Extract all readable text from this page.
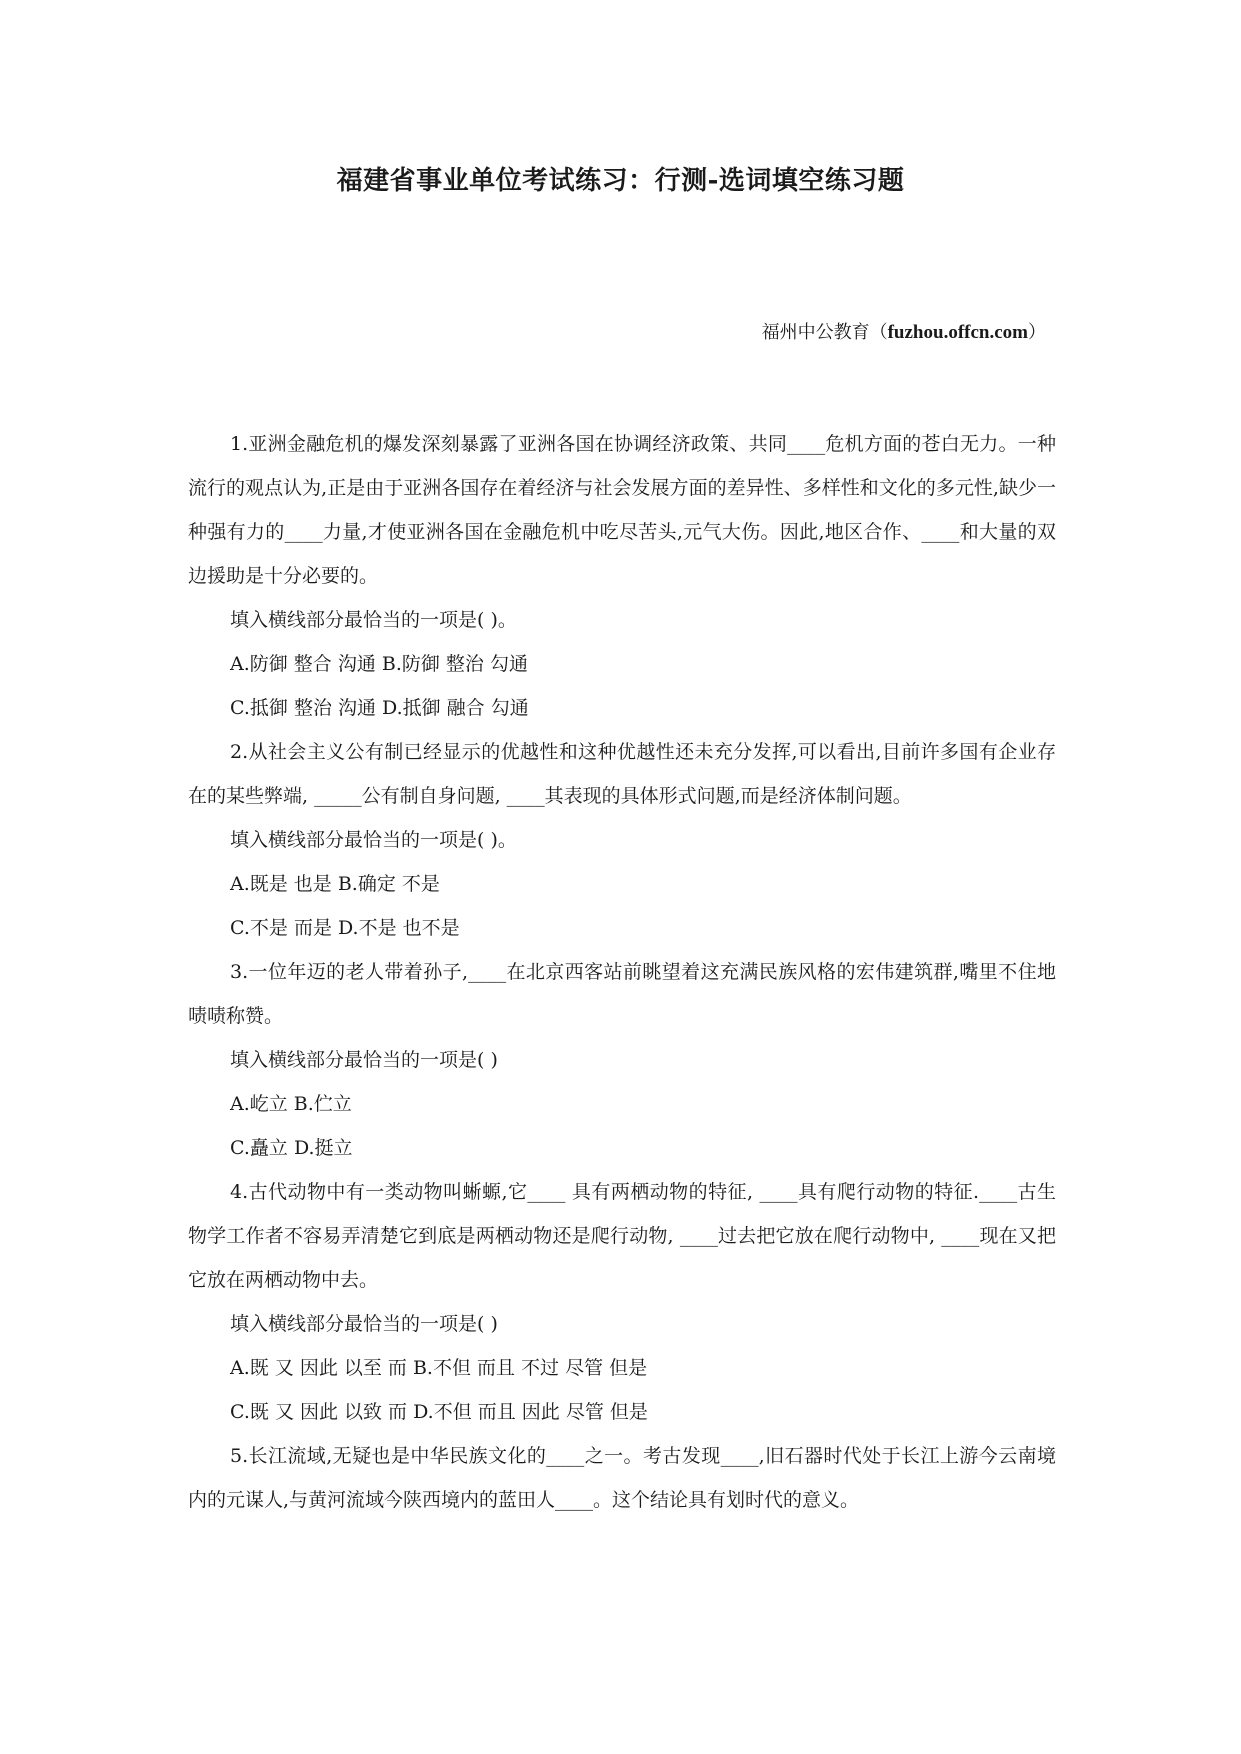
福建省事业单位考试练习：行测-选词填空练习题
福州中公教育（fuzhou.offcn.com）

1.亚洲金融危机的爆发深刻暴露了亚洲各国在协调经济政策、共同____危机方面的苍白无力。一种流行的观点认为,正是由于亚洲各国存在着经济与社会发展方面的差异性、多样性和文化的多元性,缺少一种强有力的____力量,才使亚洲各国在金融危机中吃尽苦头,元气大伤。因此,地区合作、____和大量的双边援助是十分必要的。

填入横线部分最恰当的一项是( )。

A.防御 整合 沟通 B.防御 整治 勾通

C.抵御 整治 沟通 D.抵御 融合 勾通

2.从社会主义公有制已经显示的优越性和这种优越性还未充分发挥,可以看出,目前许多国有企业存在的某些弊端, _____公有制自身问题, ____其表现的具体形式问题,而是经济体制问题。

填入横线部分最恰当的一项是( )。

A.既是 也是 B.确定 不是

C.不是 而是 D.不是 也不是

3.一位年迈的老人带着孙子,____在北京西客站前眺望着这充满民族风格的宏伟建筑群,嘴里不住地啧啧称赞。

填入横线部分最恰当的一项是( )

A.屹立 B.伫立

C.矗立 D.挺立

4.古代动物中有一类动物叫蜥螈,它____ 具有两栖动物的特征, ____具有爬行动物的特征.____古生物学工作者不容易弄清楚它到底是两栖动物还是爬行动物, ____过去把它放在爬行动物中, ____现在又把它放在两栖动物中去。

填入横线部分最恰当的一项是( )

A.既 又 因此 以至 而 B.不但 而且 不过 尽管 但是

C.既 又 因此 以致 而 D.不但 而且 因此 尽管 但是

5.长江流域,无疑也是中华民族文化的____之一。考古发现____,旧石器时代处于长江上游今云南境内的元谋人,与黄河流域今陕西境内的蓝田人____。这个结论具有划时代的意义。
